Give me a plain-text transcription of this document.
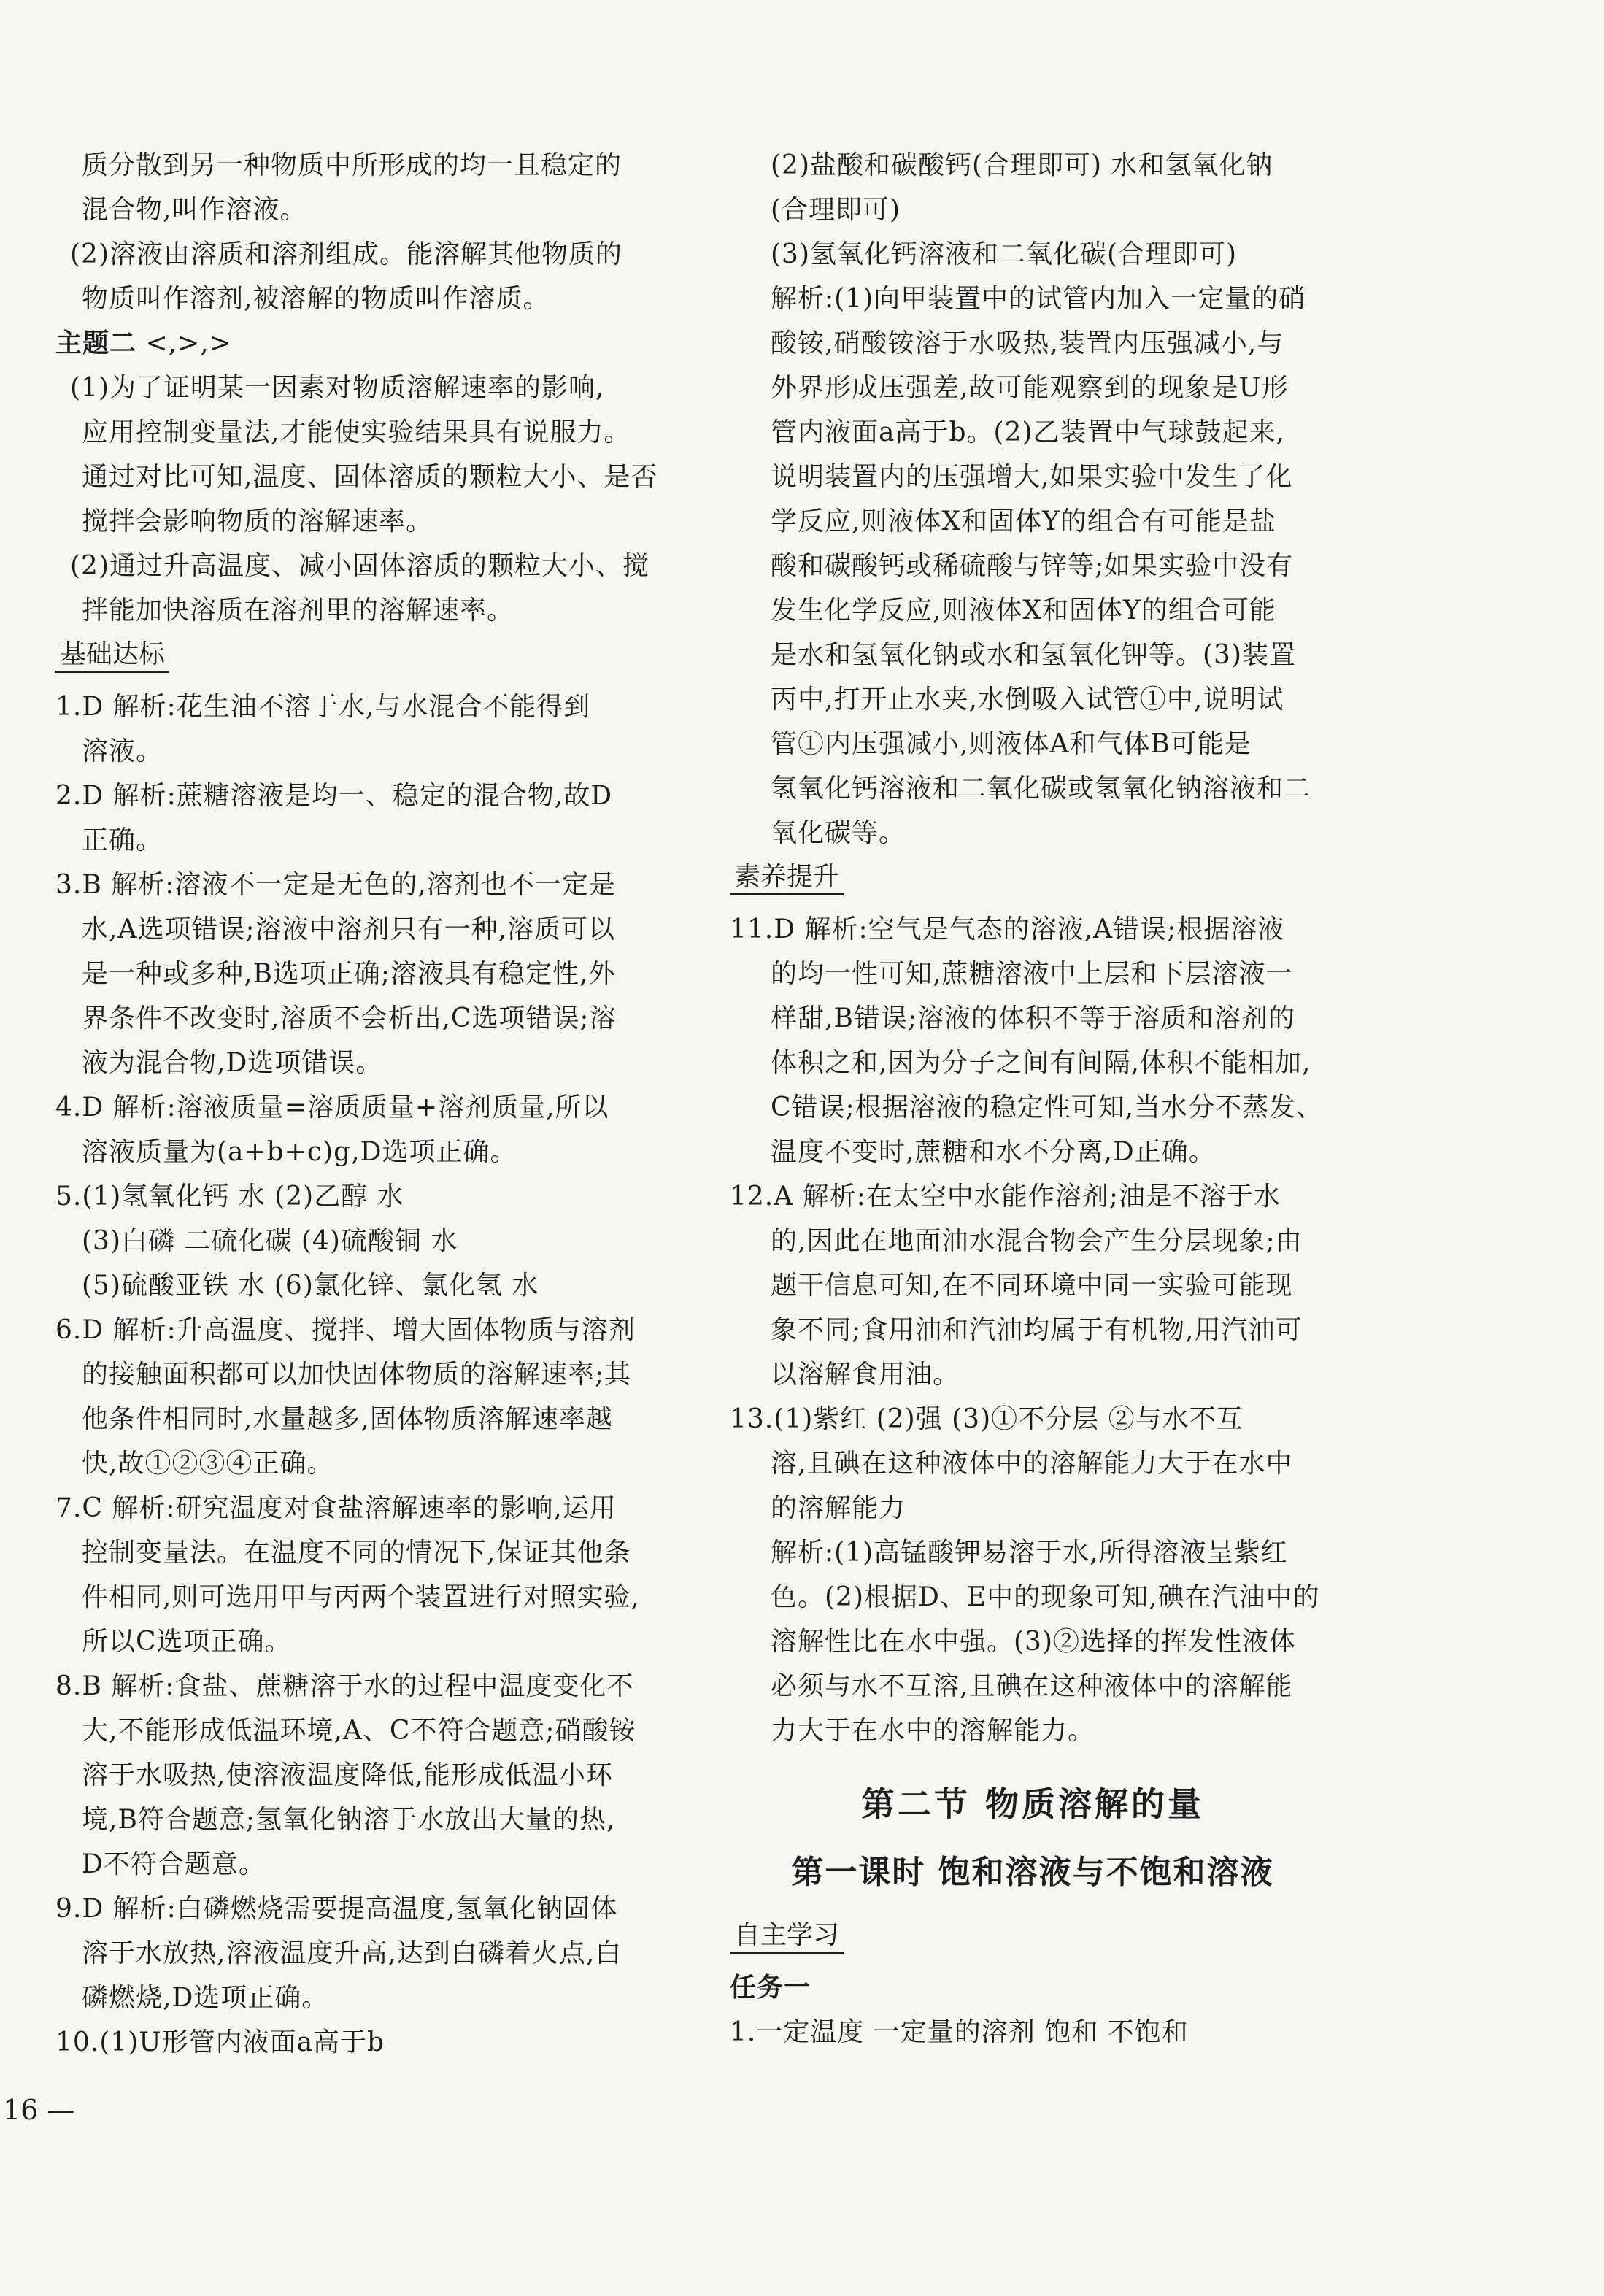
质分散到另一种物质中所形成的均一且稳定的

混合物,叫作溶液。

(2)溶液由溶质和溶剂组成。能溶解其他物质的

物质叫作溶剂,被溶解的物质叫作溶质。

主题二 <,>,>

(1)为了证明某一因素对物质溶解速率的影响,

应用控制变量法,才能使实验结果具有说服力。

通过对比可知,温度、固体溶质的颗粒大小、是否

搅拌会影响物质的溶解速率。

(2)通过升高温度、减小固体溶质的颗粒大小、搅

拌能加快溶质在溶剂里的溶解速率。

基础达标

1.D 解析:花生油不溶于水,与水混合不能得到

溶液。

2.D 解析:蔗糖溶液是均一、稳定的混合物,故D

正确。

3.B 解析:溶液不一定是无色的,溶剂也不一定是

水,A选项错误;溶液中溶剂只有一种,溶质可以

是一种或多种,B选项正确;溶液具有稳定性,外

界条件不改变时,溶质不会析出,C选项错误;溶

液为混合物,D选项错误。

4.D 解析:溶液质量=溶质质量+溶剂质量,所以

溶液质量为(a+b+c)g,D选项正确。

5.(1)氢氧化钙 水 (2)乙醇 水

(3)白磷 二硫化碳 (4)硫酸铜 水

(5)硫酸亚铁 水 (6)氯化锌、氯化氢 水

6.D 解析:升高温度、搅拌、增大固体物质与溶剂

的接触面积都可以加快固体物质的溶解速率;其

他条件相同时,水量越多,固体物质溶解速率越

快,故①②③④正确。

7.C 解析:研究温度对食盐溶解速率的影响,运用

控制变量法。在温度不同的情况下,保证其他条

件相同,则可选用甲与丙两个装置进行对照实验,

所以C选项正确。

8.B 解析:食盐、蔗糖溶于水的过程中温度变化不

大,不能形成低温环境,A、C不符合题意;硝酸铵

溶于水吸热,使溶液温度降低,能形成低温小环

境,B符合题意;氢氧化钠溶于水放出大量的热,

D不符合题意。

9.D 解析:白磷燃烧需要提高温度,氢氧化钠固体

溶于水放热,溶液温度升高,达到白磷着火点,白

磷燃烧,D选项正确。

10.(1)U形管内液面a高于b

(2)盐酸和碳酸钙(合理即可) 水和氢氧化钠

(合理即可)

(3)氢氧化钙溶液和二氧化碳(合理即可)

解析:(1)向甲装置中的试管内加入一定量的硝

酸铵,硝酸铵溶于水吸热,装置内压强减小,与

外界形成压强差,故可能观察到的现象是U形

管内液面a高于b。(2)乙装置中气球鼓起来,

说明装置内的压强增大,如果实验中发生了化

学反应,则液体X和固体Y的组合有可能是盐

酸和碳酸钙或稀硫酸与锌等;如果实验中没有

发生化学反应,则液体X和固体Y的组合可能

是水和氢氧化钠或水和氢氧化钾等。(3)装置

丙中,打开止水夹,水倒吸入试管①中,说明试

管①内压强减小,则液体A和气体B可能是

氢氧化钙溶液和二氧化碳或氢氧化钠溶液和二

氧化碳等。

素养提升

11.D 解析:空气是气态的溶液,A错误;根据溶液

的均一性可知,蔗糖溶液中上层和下层溶液一

样甜,B错误;溶液的体积不等于溶质和溶剂的

体积之和,因为分子之间有间隔,体积不能相加,

C错误;根据溶液的稳定性可知,当水分不蒸发、

温度不变时,蔗糖和水不分离,D正确。

12.A 解析:在太空中水能作溶剂;油是不溶于水

的,因此在地面油水混合物会产生分层现象;由

题干信息可知,在不同环境中同一实验可能现

象不同;食用油和汽油均属于有机物,用汽油可

以溶解食用油。

13.(1)紫红 (2)强 (3)①不分层 ②与水不互

溶,且碘在这种液体中的溶解能力大于在水中

的溶解能力

解析:(1)高锰酸钾易溶于水,所得溶液呈紫红

色。(2)根据D、E中的现象可知,碘在汽油中的

溶解性比在水中强。(3)②选择的挥发性液体

必须与水不互溶,且碘在这种液体中的溶解能

力大于在水中的溶解能力。

第二节 物质溶解的量
第一课时 饱和溶液与不饱和溶液
自主学习

任务一

1.一定温度 一定量的溶剂 饱和 不饱和

16 —
